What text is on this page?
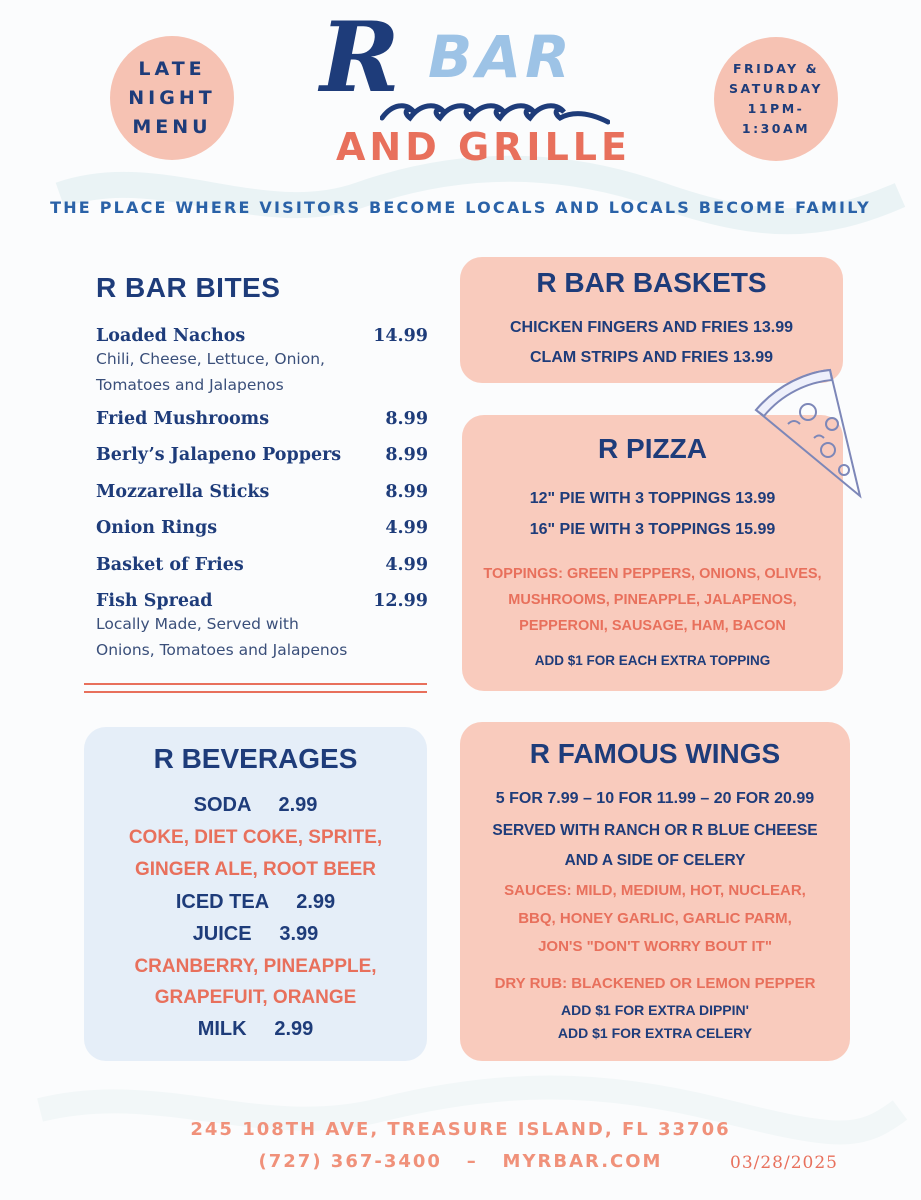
LATE
NIGHT
MENU
FRIDAY &
SATURDAY
11PM-
1:30AM
R BAR
AND GRILLE
THE PLACE WHERE VISITORS BECOME LOCALS AND LOCALS BECOME FAMILY
R BAR BITES
Loaded Nachos	14.99
Chili, Cheese, Lettuce, Onion,
Tomatoes and Jalapenos
Fried Mushrooms	8.99
Berly’s Jalapeno Poppers	8.99
Mozzarella Sticks	8.99
Onion Rings	4.99
Basket of Fries	4.99
Fish Spread	12.99
Locally Made, Served with
Onions, Tomatoes and Jalapenos
R BAR BASKETS
CHICKEN FINGERS AND FRIES 13.99
CLAM STRIPS AND FRIES 13.99
R PIZZA
12" PIE WITH 3 TOPPINGS 13.99
16" PIE WITH 3 TOPPINGS 15.99
TOPPINGS: GREEN PEPPERS, ONIONS, OLIVES,
MUSHROOMS, PINEAPPLE, JALAPENOS,
PEPPERONI, SAUSAGE, HAM, BACON
ADD $1 FOR EACH EXTRA TOPPING
R BEVERAGES
SODA     2.99
COKE, DIET COKE, SPRITE,
GINGER ALE, ROOT BEER
ICED TEA     2.99
JUICE     3.99
CRANBERRY, PINEAPPLE,
GRAPEFUIT, ORANGE
MILK     2.99
R FAMOUS WINGS
5 FOR 7.99 – 10 FOR 11.99 – 20 FOR 20.99
SERVED WITH RANCH OR R BLUE CHEESE
AND A SIDE OF CELERY
SAUCES: MILD, MEDIUM, HOT, NUCLEAR,
BBQ, HONEY GARLIC, GARLIC PARM,
JON'S "DON'T WORRY BOUT IT"
DRY RUB: BLACKENED OR LEMON PEPPER
ADD $1 FOR EXTRA DIPPIN'
ADD $1 FOR EXTRA CELERY
245 108TH AVE, TREASURE ISLAND, FL 33706
(727) 367-3400   –   MYRBAR.COM	03/28/2025
